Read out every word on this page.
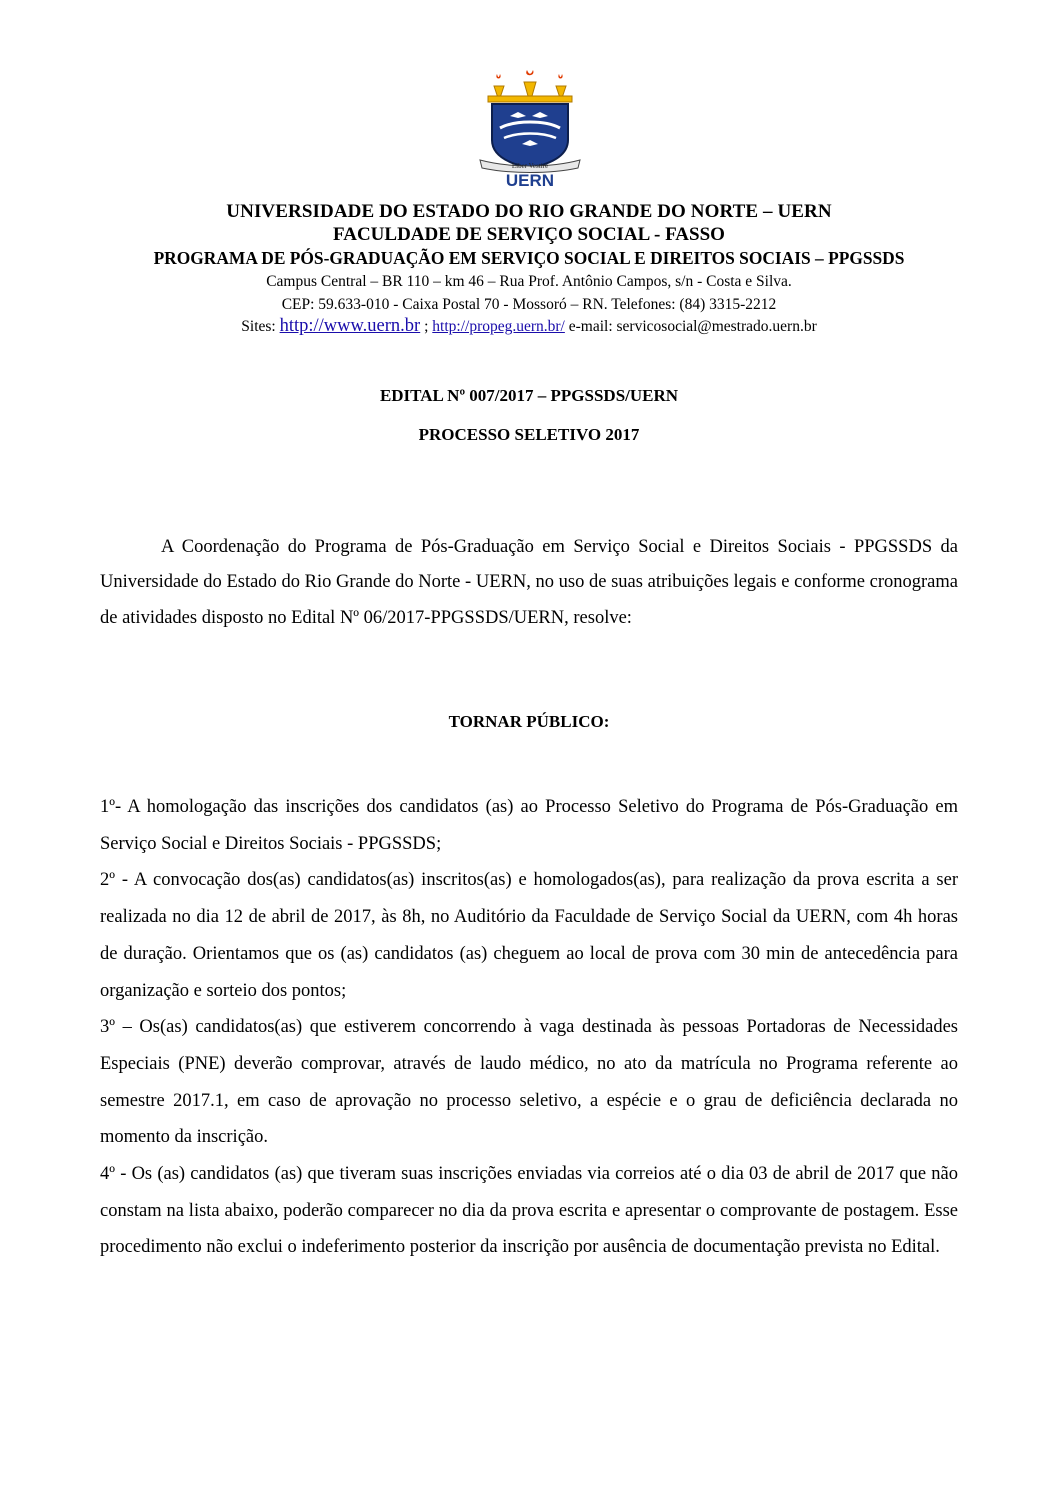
Liber Vestire
UERN
UNIVERSIDADE DO ESTADO DO RIO GRANDE DO NORTE – UERN
FACULDADE DE SERVIÇO SOCIAL - FASSO
PROGRAMA DE PÓS-GRADUAÇÃO EM SERVIÇO SOCIAL E DIREITOS SOCIAIS – PPGSSDS
Campus Central – BR 110 – km 46 – Rua Prof. Antônio Campos, s/n - Costa e Silva.
CEP: 59.633-010 - Caixa Postal 70 - Mossoró – RN. Telefones: (84) 3315-2212
Sites: http://www.uern.br ; http://propeg.uern.br/ e-mail: servicosocial@mestrado.uern.br
EDITAL Nº 007/2017 – PPGSSDS/UERN
PROCESSO SELETIVO 2017

A Coordenação do Programa de Pós-Graduação em Serviço Social e Direitos Sociais - PPGSSDS da Universidade do Estado do Rio Grande do Norte - UERN, no uso de suas atribuições legais e conforme cronograma de atividades disposto no Edital Nº 06/2017-PPGSSDS/UERN, resolve:

TORNAR PÚBLICO:

1º- A homologação das inscrições dos candidatos (as) ao Processo Seletivo do Programa de Pós-Graduação em Serviço Social e Direitos Sociais - PPGSSDS;

2º - A convocação dos(as) candidatos(as) inscritos(as) e homologados(as), para realização da prova escrita a ser realizada no dia 12 de abril de 2017, às 8h, no Auditório da Faculdade de Serviço Social da UERN, com 4h horas de duração. Orientamos que os (as) candidatos (as) cheguem ao local de prova com 30 min de antecedência para organização e sorteio dos pontos;

3º – Os(as) candidatos(as) que estiverem concorrendo à vaga destinada às pessoas Portadoras de Necessidades Especiais (PNE) deverão comprovar, através de laudo médico, no ato da matrícula no Programa referente ao semestre 2017.1, em caso de aprovação no processo seletivo, a espécie e o grau de deficiência declarada no momento da inscrição.

4º - Os (as) candidatos (as) que tiveram suas inscrições enviadas via correios até o dia 03 de abril de 2017 que não constam na lista abaixo, poderão comparecer no dia da prova escrita e apresentar o comprovante de postagem. Esse procedimento não exclui o indeferimento posterior da inscrição por ausência de documentação prevista no Edital.
